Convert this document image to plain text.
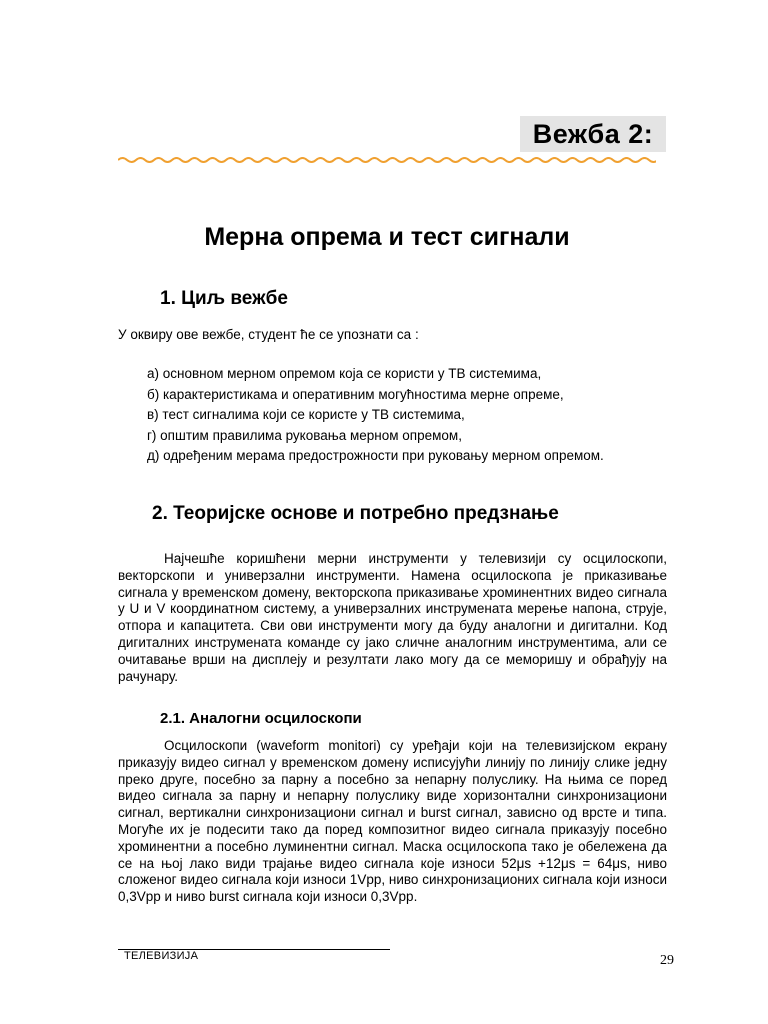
Вежба 2:
Мерна опрема и тест сигнали
1. Циљ вежбе

У оквиру ове вежбе, студент ће се упознати са :

а) основном мерном опремом која се користи у ТВ системима,
б) карактеристикама и оперативним могућностима мерне опреме,
в) тест сигналима који се користе у ТВ системима,
г) општим правилима руковања мерном опремом,
д) одређеним мерама предострожности при руковању мерном опремом.
2. Теоријске основе и потребно предзнање

Најчешће коришћени мерни инструменти у телевизији су осцилоскопи, векторскопи и универзални инструменти. Намена осцилоскопа је приказивање сигнала у временском домену, векторскопа приказивање хроминентних видео сигнала у U и V координатном систему, а универзалних инструмената мерење напона, струје, отпора и капацитета. Сви ови инструменти могу да буду аналогни и дигитални. Код дигиталних инструмената команде су јако сличне аналогним инструментима, али се очитавање врши на дисплеју и резултати лако могу да се меморишу и обрађују на рачунару.

2.1. Аналогни осцилоскопи

Осцилоскопи (waveform monitori) су уређаји који на телевизијском екрану приказују видео сигнал у временском домену исписујући линију по линију слике једну преко друге, посебно за парну а посебно за непарну полуслику. На њима се поред видео сигнала за парну и непарну полуслику виде хоризонтални синхронизациони сигнал, вертикални синхронизациони сигнал и burst сигнал, зависно од врсте и типа. Могуће их је подесити тако да поред композитног видео сигнала приказују посебно хроминентни а посебно луминентни сигнал. Маска осцилоскопа тако је обележена да се на њој лако види трајање видео сигнала које износи 52μs +12μs = 64μs, ниво сложеног видео сигнала који износи 1Vpp, ниво синхронизационих сигнала који износи 0,3Vpp и ниво burst сигнала који износи 0,3Vpp.

ТЕЛЕВИЗИЈА	29
